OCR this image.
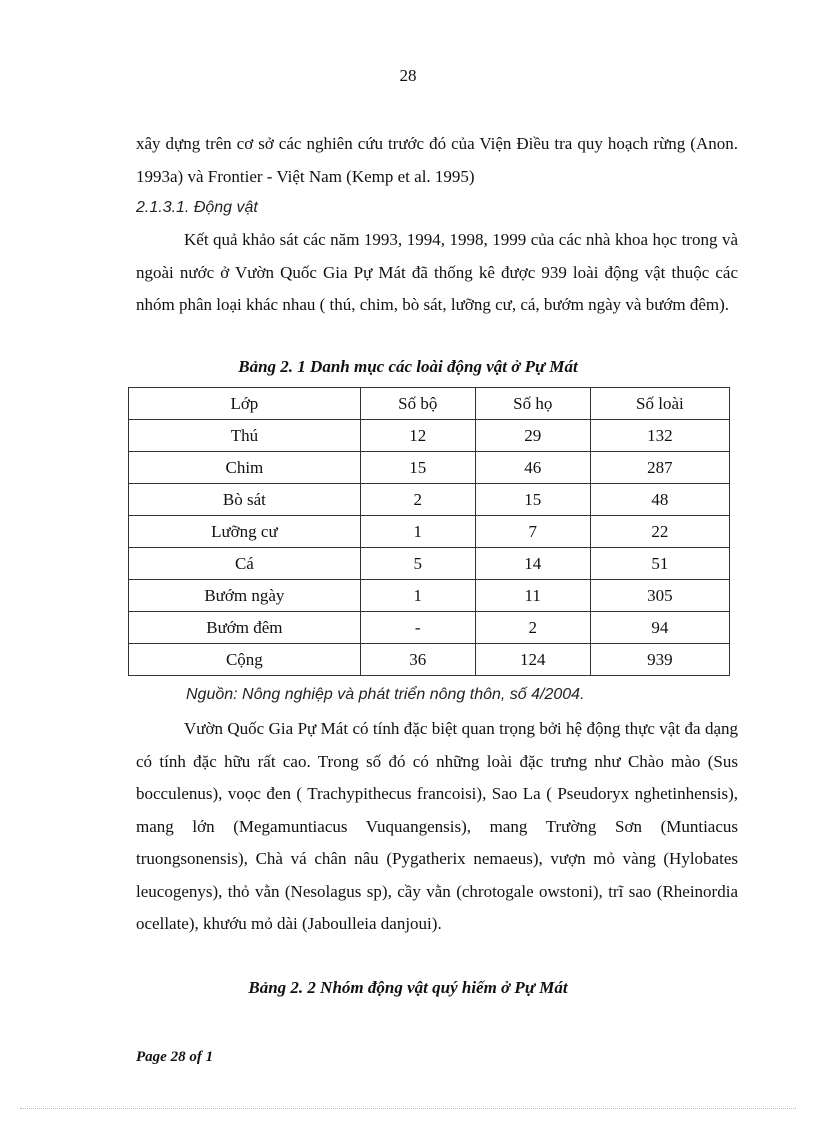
28

xây dựng trên cơ sở các nghiên cứu trước đó của Viện Điều tra quy hoạch rừng (Anon. 1993a) và Frontier - Việt Nam (Kemp et al. 1995)

2.1.3.1. Động vật

Kết quả khảo sát các năm 1993, 1994, 1998, 1999 của các nhà khoa học trong và ngoài nước ở Vườn Quốc Gia Pự Mát đã thống kê được 939 loài động vật thuộc các nhóm phân loại khác nhau ( thú, chim, bò sát, lưỡng cư, cá, bướm ngày và bướm đêm).

Bảng 2. 1 Danh mục các loài động vật ở Pự Mát
Lớp	Số bộ	Số họ	Số loài
Thú	12	29	132
Chim	15	46	287
Bò sát	2	15	48
Lưỡng cư	1	7	22
Cá	5	14	51
Bướm ngày	1	11	305
Bướm đêm	-	2	94
Cộng	36	124	939
Nguồn: Nông nghiệp và phát triển nông thôn, số 4/2004.

Vườn Quốc Gia Pự Mát có tính đặc biệt quan trọng bởi hệ động thực vật đa dạng có tính đặc hữu rất cao. Trong số đó có những loài đặc trưng như Chào mào (Sus bocculenus), voọc đen ( Trachypithecus francoisi), Sao La ( Pseudoryx nghetinhensis), mang lớn (Megamuntiacus Vuquangensis), mang Trường Sơn (Muntiacus truongsonensis), Chà vá chân nâu (Pygatherix nemaeus), vượn mỏ vàng (Hylobates leucogenys), thỏ vằn (Nesolagus sp), cầy vằn (chrotogale owstoni), trĩ sao (Rheinordia ocellate), khướu mỏ dài (Jaboulleia danjoui).

Bảng 2. 2 Nhóm động vật quý hiếm ở Pự Mát
Page 28 of 1
